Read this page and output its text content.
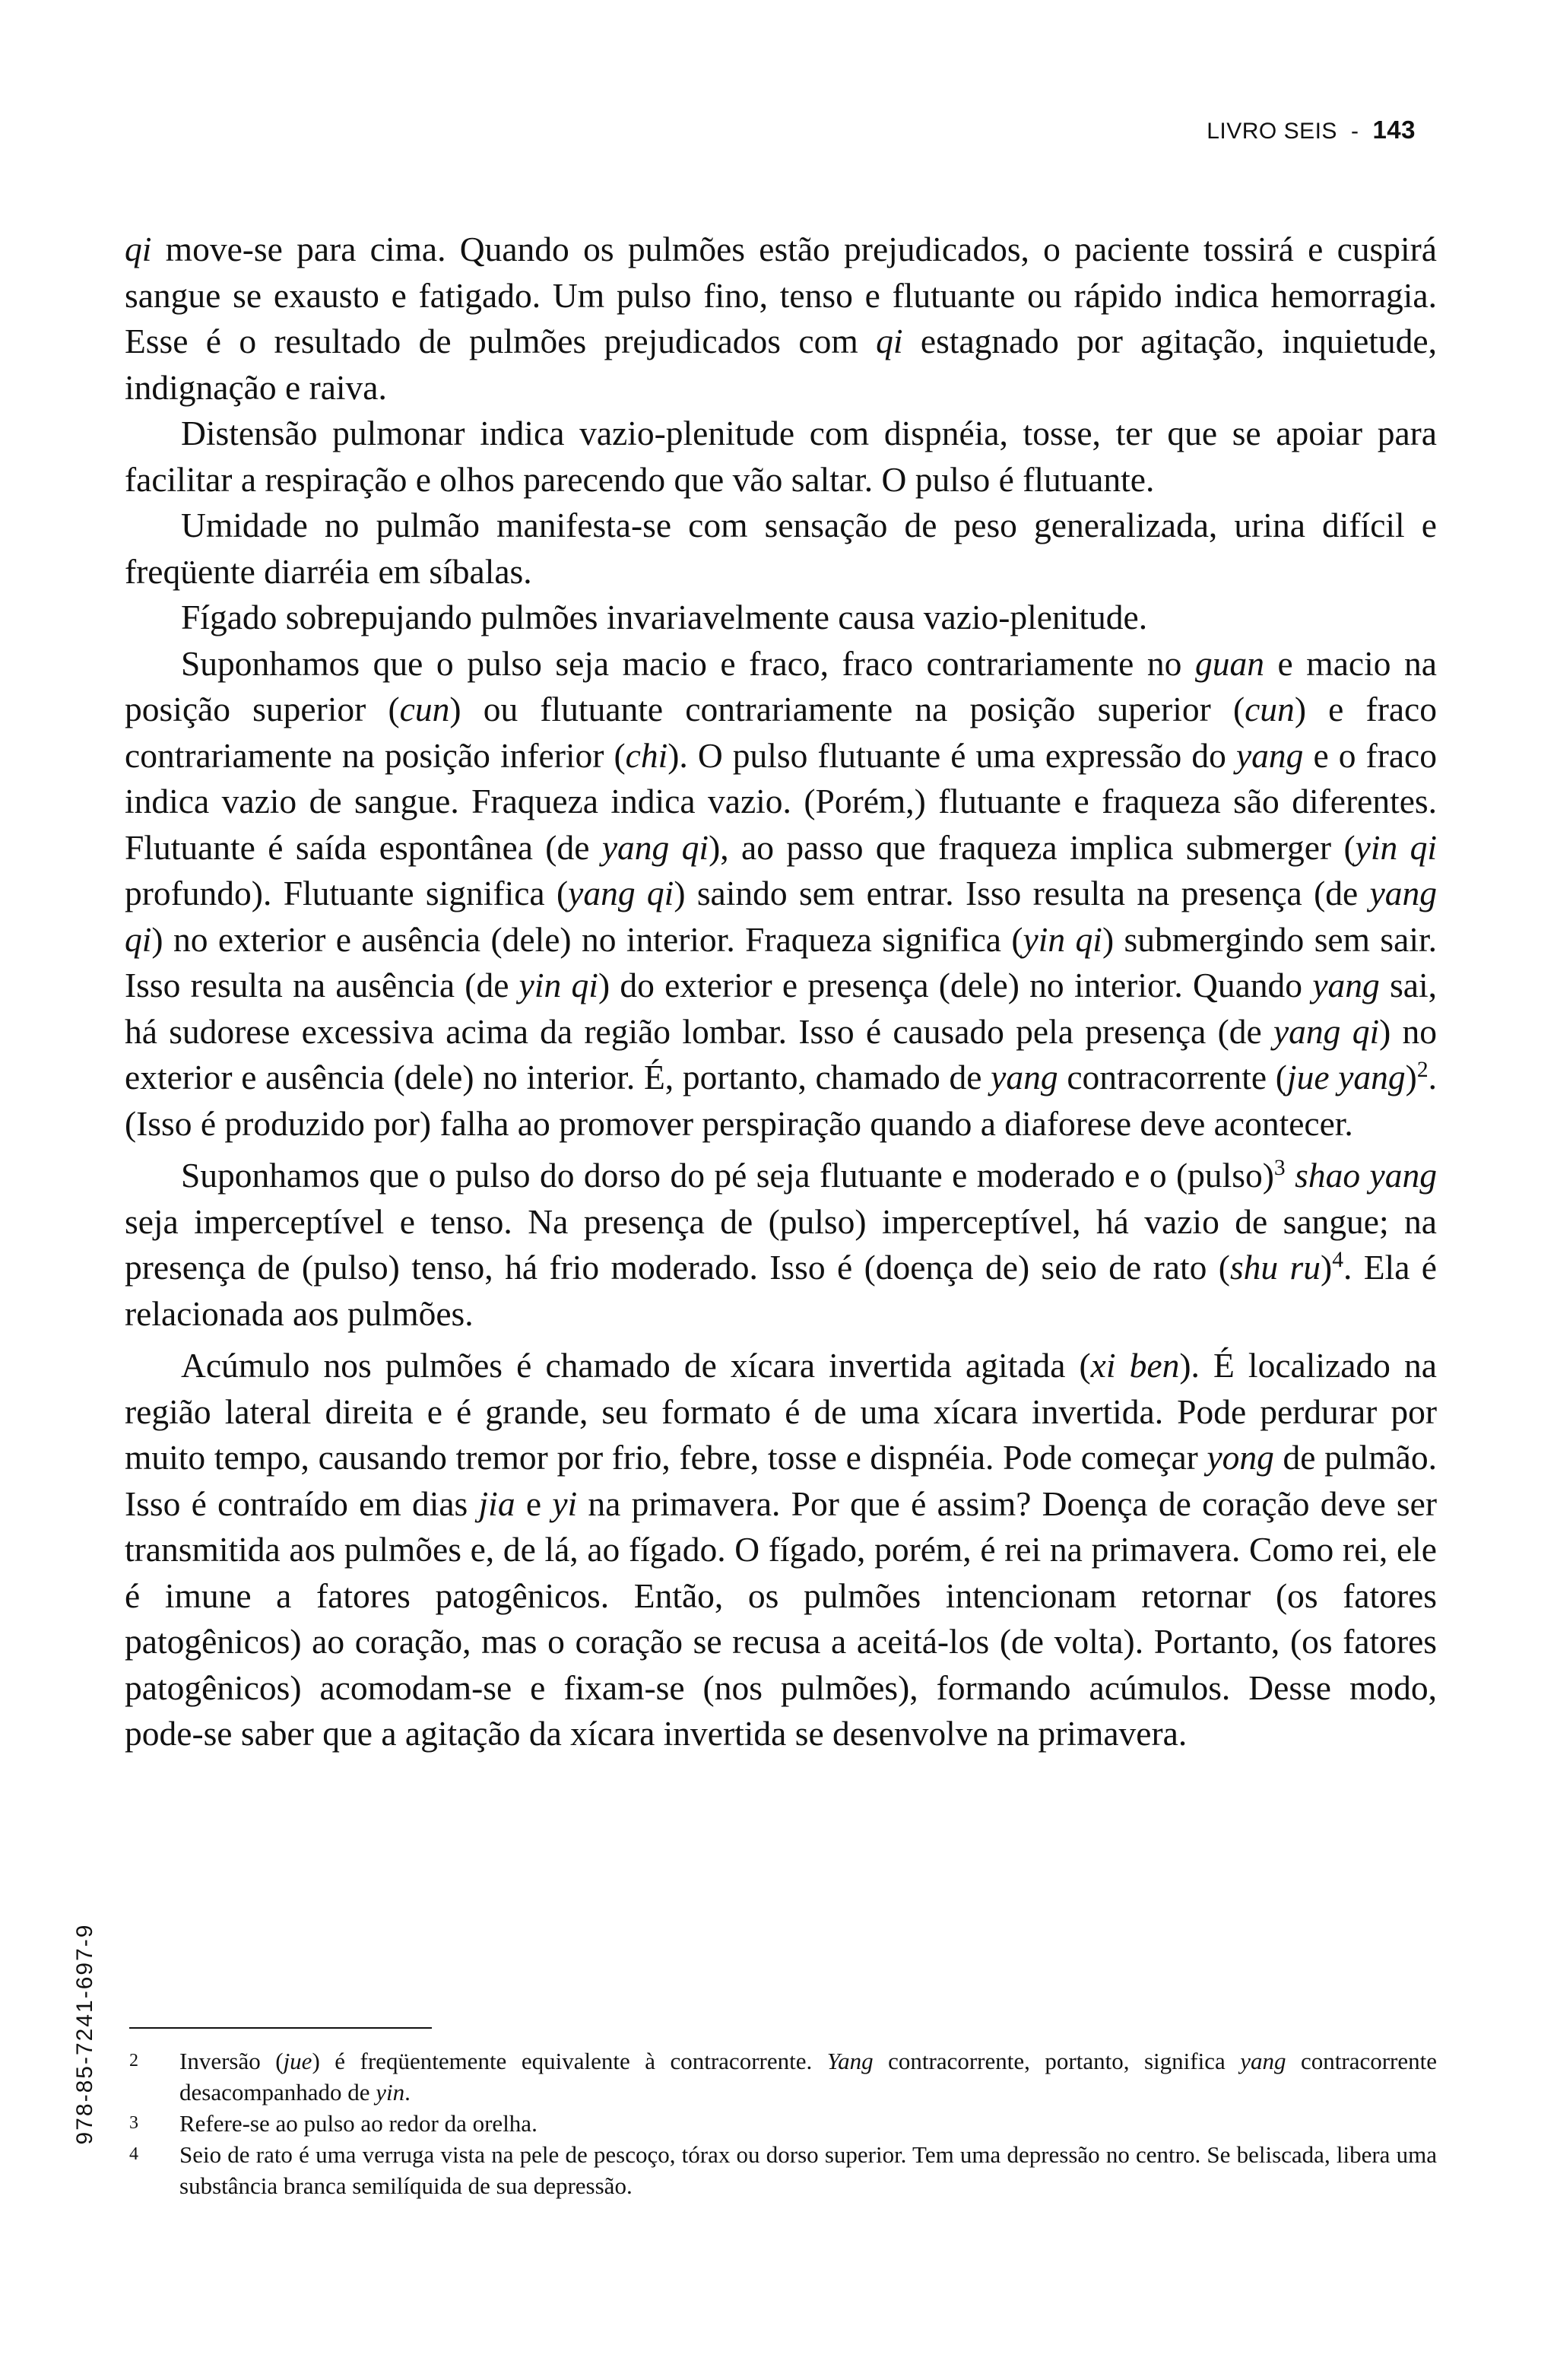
LIVRO SEIS - 143

qi move-se para cima. Quando os pulmões estão prejudicados, o paciente tossirá e cuspirá sangue se exausto e fatigado. Um pulso fino, tenso e flutuante ou rápido indica hemorragia. Esse é o resultado de pulmões prejudicados com qi estagnado por agitação, inquietude, indignação e raiva.

Distensão pulmonar indica vazio-plenitude com dispnéia, tosse, ter que se apoiar para facilitar a respiração e olhos parecendo que vão saltar. O pulso é flutuante.

Umidade no pulmão manifesta-se com sensação de peso generalizada, urina difícil e freqüente diarréia em síbalas.

Fígado sobrepujando pulmões invariavelmente causa vazio-plenitude.

Suponhamos que o pulso seja macio e fraco, fraco contrariamente no guan e macio na posição superior (cun) ou flutuante contrariamente na posição superior (cun) e fraco contrariamente na posição inferior (chi). O pulso flutuante é uma expressão do yang e o fraco indica vazio de sangue. Fraqueza indica vazio. (Porém,) flutuante e fraqueza são diferentes. Flutuante é saída espontânea (de yang qi), ao passo que fraqueza implica submerger (yin qi profundo). Flutuante significa (yang qi) saindo sem entrar. Isso resulta na presença (de yang qi) no exterior e ausência (dele) no interior. Fraqueza significa (yin qi) submergindo sem sair. Isso resulta na ausência (de yin qi) do exterior e presença (dele) no interior. Quando yang sai, há sudorese excessiva acima da região lombar. Isso é causado pela presença (de yang qi) no exterior e ausência (dele) no interior. É, portanto, chamado de yang contracorrente (jue yang)$^2$. (Isso é produzido por) falha ao promover perspiração quando a diaforese deve acontecer.

Suponhamos que o pulso do dorso do pé seja flutuante e moderado e o (pulso)$^3$ shao yang seja imperceptível e tenso. Na presença de (pulso) imperceptível, há vazio de sangue; na presença de (pulso) tenso, há frio moderado. Isso é (doença de) seio de rato (shu ru)$^4$. Ela é relacionada aos pulmões.

Acúmulo nos pulmões é chamado de xícara invertida agitada (xi ben). É localizado na região lateral direita e é grande, seu formato é de uma xícara invertida. Pode perdurar por muito tempo, causando tremor por frio, febre, tosse e dispnéia. Pode começar yong de pulmão. Isso é contraído em dias jia e yi na primavera. Por que é assim? Doença de coração deve ser transmitida aos pulmões e, de lá, ao fígado. O fígado, porém, é rei na primavera. Como rei, ele é imune a fatores patogênicos. Então, os pulmões intencionam retornar (os fatores patogênicos) ao coração, mas o coração se recusa a aceitá-los (de volta). Portanto, (os fatores patogênicos) acomodam-se e fixam-se (nos pulmões), formando acúmulos. Desse modo, pode-se saber que a agitação da xícara invertida se desenvolve na primavera.

978-85-7241-697-9 2	Inversão (jue) é freqüentemente equivalente à contracorrente. Yang contracorrente, portanto, significa yang contracorrente desacompanhado de yin.
3	Refere-se ao pulso ao redor da orelha.
4	Seio de rato é uma verruga vista na pele de pescoço, tórax ou dorso superior. Tem uma depressão no centro. Se beliscada, libera uma substância branca semilíquida de sua depressão.
